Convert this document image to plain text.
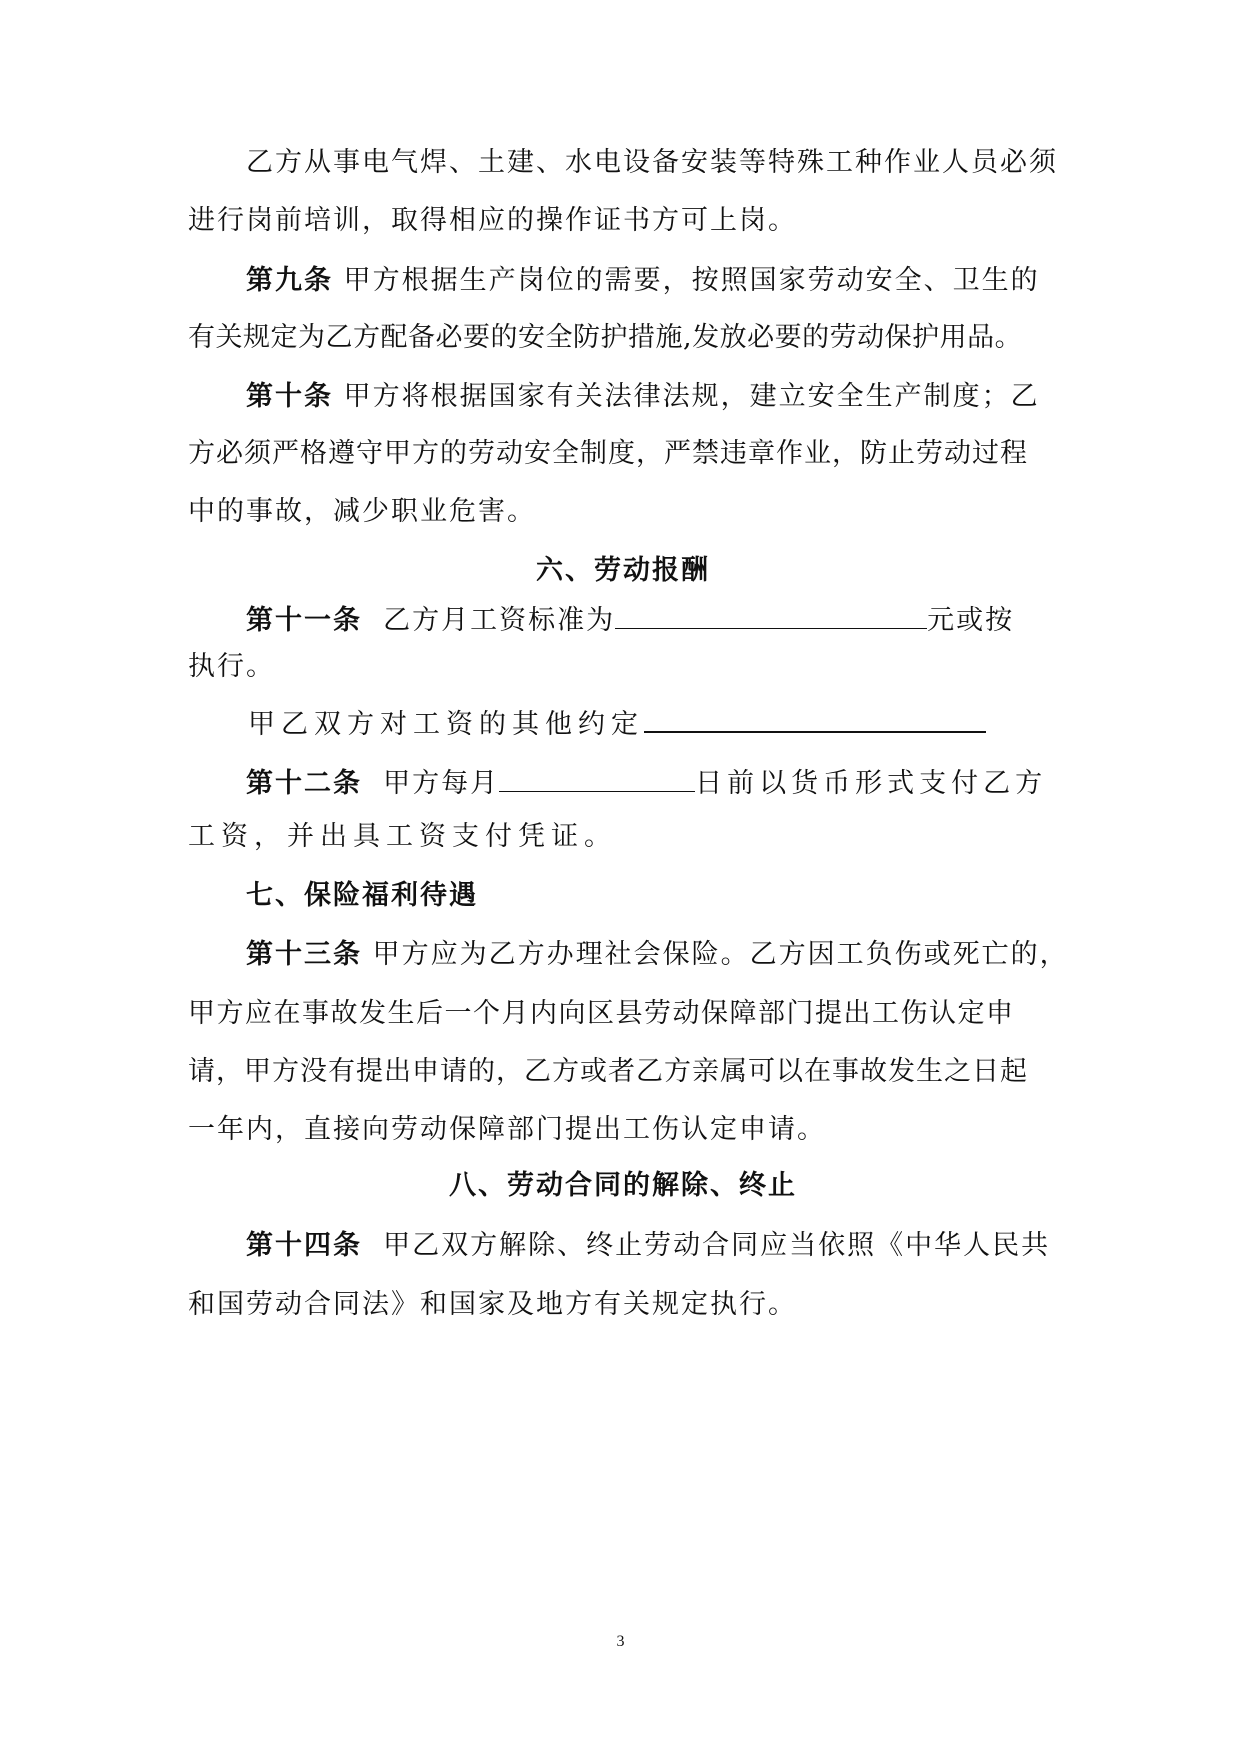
乙方从事电气焊、土建、水电设备安装等特殊工种作业人员必须
进行岗前培训，取得相应的操作证书方可上岗。
第九条 甲方根据生产岗位的需要，按照国家劳动安全、卫生的
有关规定为乙方配备必要的安全防护措施,发放必要的劳动保护用品。
第十条 甲方将根据国家有关法律法规，建立安全生产制度；乙
方必须严格遵守甲方的劳动安全制度，严禁违章作业，防止劳动过程
中的事故，减少职业危害。
六、劳动报酬
第十一条 乙方月工资标准为	元或按
执行。
甲乙双方对工资的其他约定
第十二条 甲方每月	日前以货币形式支付乙方
工资，并出具工资支付凭证。
七、保险福利待遇
第十三条 甲方应为乙方办理社会保险。乙方因工负伤或死亡的，
甲方应在事故发生后一个月内向区县劳动保障部门提出工伤认定申
请，甲方没有提出申请的，乙方或者乙方亲属可以在事故发生之日起
一年内，直接向劳动保障部门提出工伤认定申请。
八、劳动合同的解除、终止
第十四条 甲乙双方解除、终止劳动合同应当依照《中华人民共
和国劳动合同法》和国家及地方有关规定执行。
3
